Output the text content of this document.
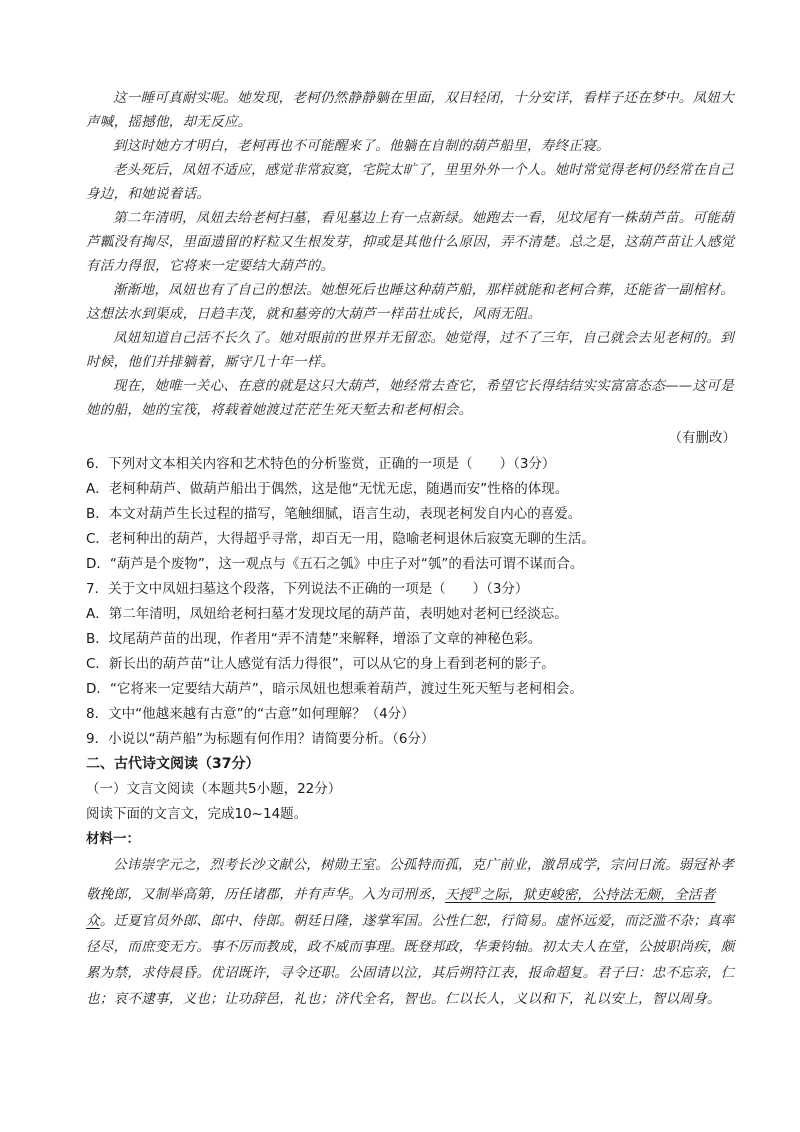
这一睡可真耐实呢。她发现，老柯仍然静静躺在里面，双目轻闭，十分安详，看样子还在梦中。凤妞大声喊，摇撼他，却无反应。

到这时她方才明白，老柯再也不可能醒来了。他躺在自制的葫芦船里，寿终正寝。

老头死后，凤妞不适应，感觉非常寂寞，宅院太旷了，里里外外一个人。她时常觉得老柯仍经常在自己身边，和她说着话。

第二年清明，凤妞去给老柯扫墓，看见墓边上有一点新绿。她跑去一看，见坟尾有一株葫芦苗。可能葫芦瓤没有掏尽，里面遗留的籽粒又生根发芽，抑或是其他什么原因，弄不清楚。总之是，这葫芦苗让人感觉有活力得很，它将来一定要结大葫芦的。

渐渐地，凤妞也有了自己的想法。她想死后也睡这种葫芦船，那样就能和老柯合葬，还能省一副棺材。这想法水到渠成，日趋丰茂，就和墓旁的大葫芦一样苗壮成长，风雨无阻。

凤妞知道自己活不长久了。她对眼前的世界并无留恋。她觉得，过不了三年，自己就会去见老柯的。到时候，他们并排躺着，厮守几十年一样。

现在，她唯一关心、在意的就是这只大葫芦，她经常去查它，希望它长得结结实实富富态态——这可是她的船，她的宝筏，将载着她渡过茫茫生死天堑去和老柯相会。

（有删改）

6．下列对文本相关内容和艺术特色的分析鉴赏，正确的一项是（　　）（3分）

A．老柯种葫芦、做葫芦船出于偶然，这是他“无忧无虑，随遇而安”性格的体现。

B．本文对葫芦生长过程的描写，笔触细腻，语言生动，表现老柯发自内心的喜爱。

C．老柯种出的葫芦，大得超乎寻常，却百无一用，隐喻老柯退休后寂寞无聊的生活。

D．“葫芦是个废物”，这一观点与《五石之瓠》中庄子对“瓠”的看法可谓不谋而合。

7．关于文中凤妞扫墓这个段落，下列说法不正确的一项是（　　）（3分）

A．第二年清明，凤妞给老柯扫墓才发现坟尾的葫芦苗，表明她对老柯已经淡忘。

B．坟尾葫芦苗的出现，作者用“弄不清楚”来解释，增添了文章的神秘色彩。

C．新长出的葫芦苗“让人感觉有活力得很”，可以从它的身上看到老柯的影子。

D．“它将来一定要结大葫芦”，暗示凤妞也想乘着葫芦，渡过生死天堑与老柯相会。

8．文中“他越来越有古意”的“古意”如何理解？（4分）

9．小说以“葫芦船”为标题有何作用？请简要分析。（6分）

二、古代诗文阅读（37分）

（一）文言文阅读（本题共5小题，22分）

阅读下面的文言文，完成10~14题。

材料一：

公讳崇字元之，烈考长沙文献公，树勋王室。公孤特而孤，克广前业，激昂成学，宗问日流。弱冠补孝敬挽郎，又制举高第，历任诸郡，并有声华。入为司刑丞，天授①之际，狱吏峻密，公持法无颇，全活者众。迁夏官员外郎、郎中、侍郎。朝廷日隆，遂掌军国。公性仁恕，行简易。虚怀远爱，而泛滥不杂；真率径尽，而庶变无方。事不厉而教成，政不威而事理。既登邦政，华秉钧轴。初太夫人在堂，公披职尚疾，颇累为禁，求侍晨昏。优诏既许，寻令还职。公固请以泣，其后朔符江表，报命超复。君子曰：忠不忘亲，仁也；哀不逮事，义也；让功辞邑，礼也；济代全名，智也。仁以长人，义以和下，礼以安上，智以周身。
